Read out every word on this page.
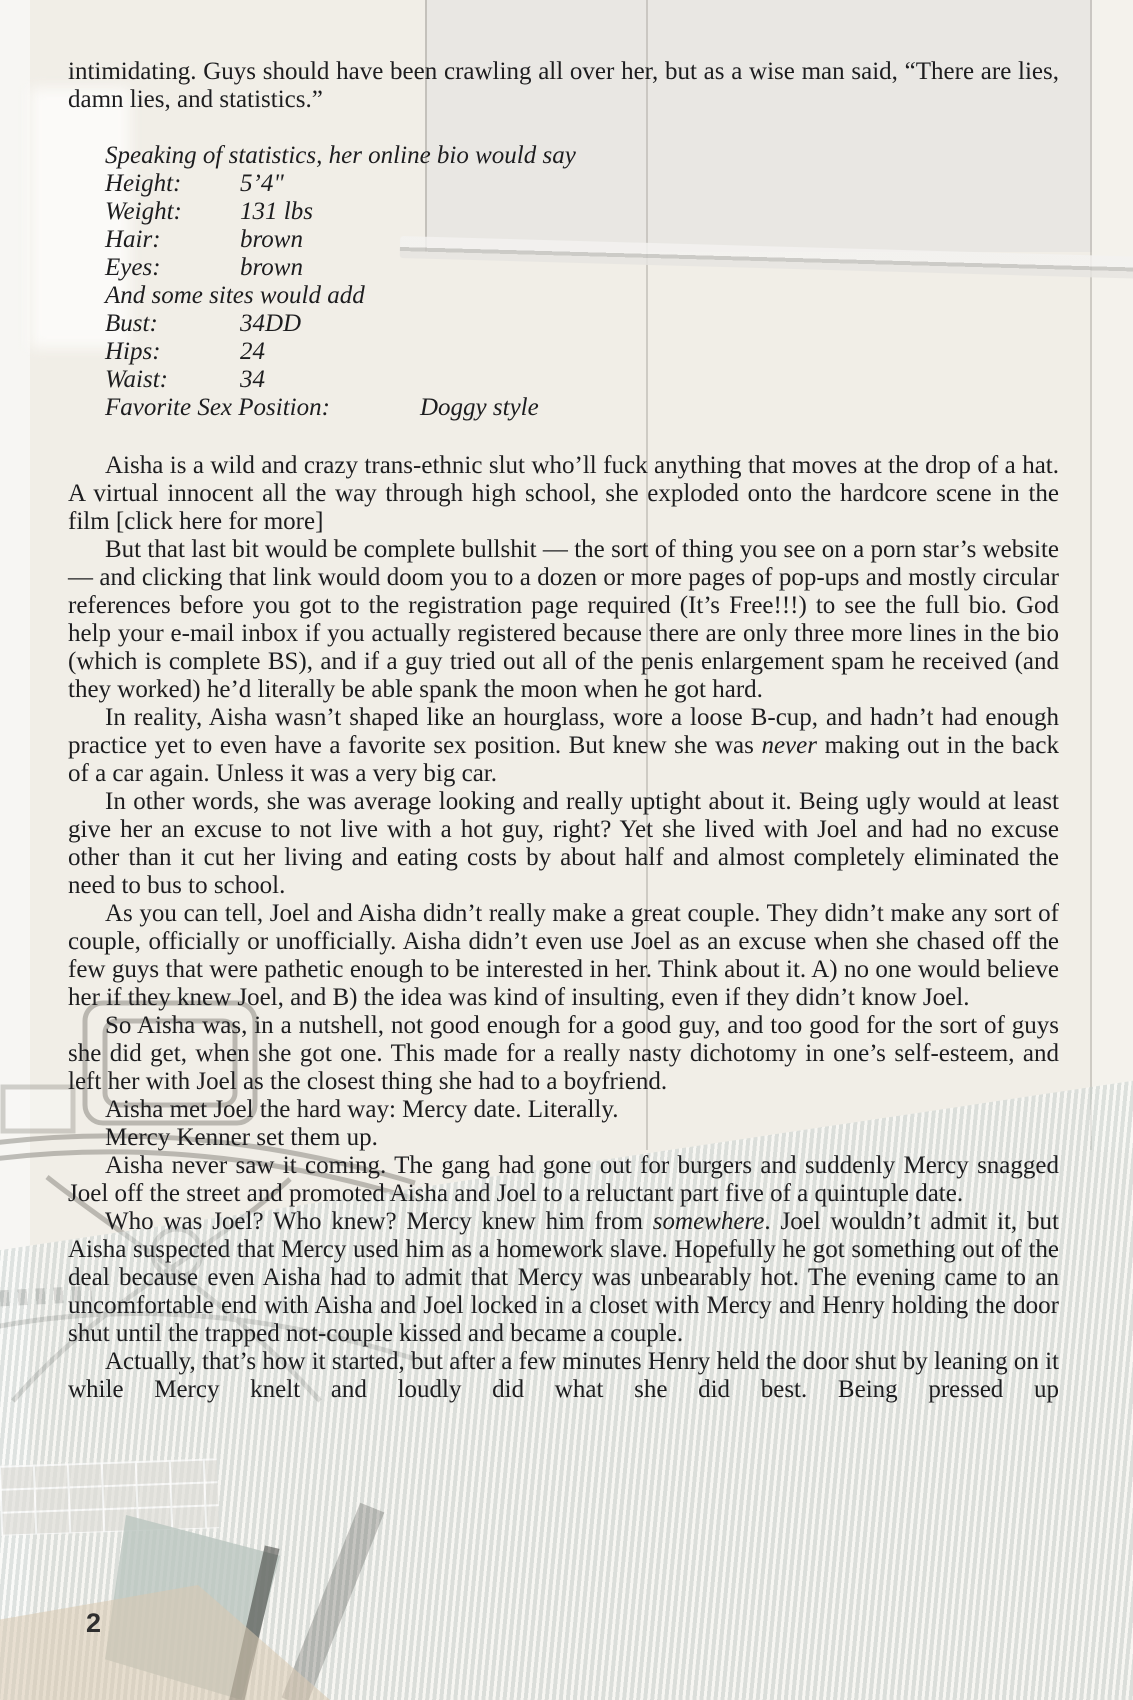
intimidating. Guys should have been crawling all over her, but as a wise man said, “There are lies, damn lies, and statistics.”

Speaking of statistics, her online bio would say
Height: 5’4"
Weight: 131 lbs
Hair:	brown
Eyes:	brown
And some sites would add
Bust:	34DD
Hips:	24
Waist:	34
Favorite Sex Position:	Doggy style

Aisha is a wild and crazy trans-ethnic slut who’ll fuck anything that moves at the drop of a hat. A virtual innocent all the way through high school, she exploded onto the hardcore scene in the film [click here for more]

But that last bit would be complete bullshit — the sort of thing you see on a porn star’s website — and clicking that link would doom you to a dozen or more pages of pop-ups and mostly circular references before you got to the registration page required (It’s Free!!!) to see the full bio. God help your e-mail inbox if you actually registered because there are only three more lines in the bio (which is complete BS), and if a guy tried out all of the penis enlargement spam he received (and they worked) he’d literally be able spank the moon when he got hard.

In reality, Aisha wasn’t shaped like an hourglass, wore a loose B-cup, and hadn’t had enough practice yet to even have a favorite sex position. But knew she was never making out in the back of a car again. Unless it was a very big car.

In other words, she was average looking and really uptight about it. Being ugly would at least give her an excuse to not live with a hot guy, right? Yet she lived with Joel and had no excuse other than it cut her living and eating costs by about half and almost completely eliminated the need to bus to school.

As you can tell, Joel and Aisha didn’t really make a great couple. They didn’t make any sort of couple, officially or unofficially. Aisha didn’t even use Joel as an excuse when she chased off the few guys that were pathetic enough to be interested in her. Think about it. A) no one would believe her if they knew Joel, and B) the idea was kind of insulting, even if they didn’t know Joel.

So Aisha was, in a nutshell, not good enough for a good guy, and too good for the sort of guys she did get, when she got one. This made for a really nasty dichotomy in one’s self-esteem, and left her with Joel as the closest thing she had to a boyfriend.

Aisha met Joel the hard way: Mercy date. Literally.

Mercy Kenner set them up.

Aisha never saw it coming. The gang had gone out for burgers and suddenly Mercy snagged Joel off the street and promoted Aisha and Joel to a reluctant part five of a quintuple date.

Who was Joel? Who knew? Mercy knew him from somewhere. Joel wouldn’t admit it, but Aisha suspected that Mercy used him as a homework slave. Hopefully he got something out of the deal because even Aisha had to admit that Mercy was unbearably hot. The evening came to an uncomfortable end with Aisha and Joel locked in a closet with Mercy and Henry holding the door shut until the trapped not-couple kissed and became a couple.

Actually, that’s how it started, but after a few minutes Henry held the door shut by leaning on it while Mercy knelt and loudly did what she did best. Being pressed up

2
